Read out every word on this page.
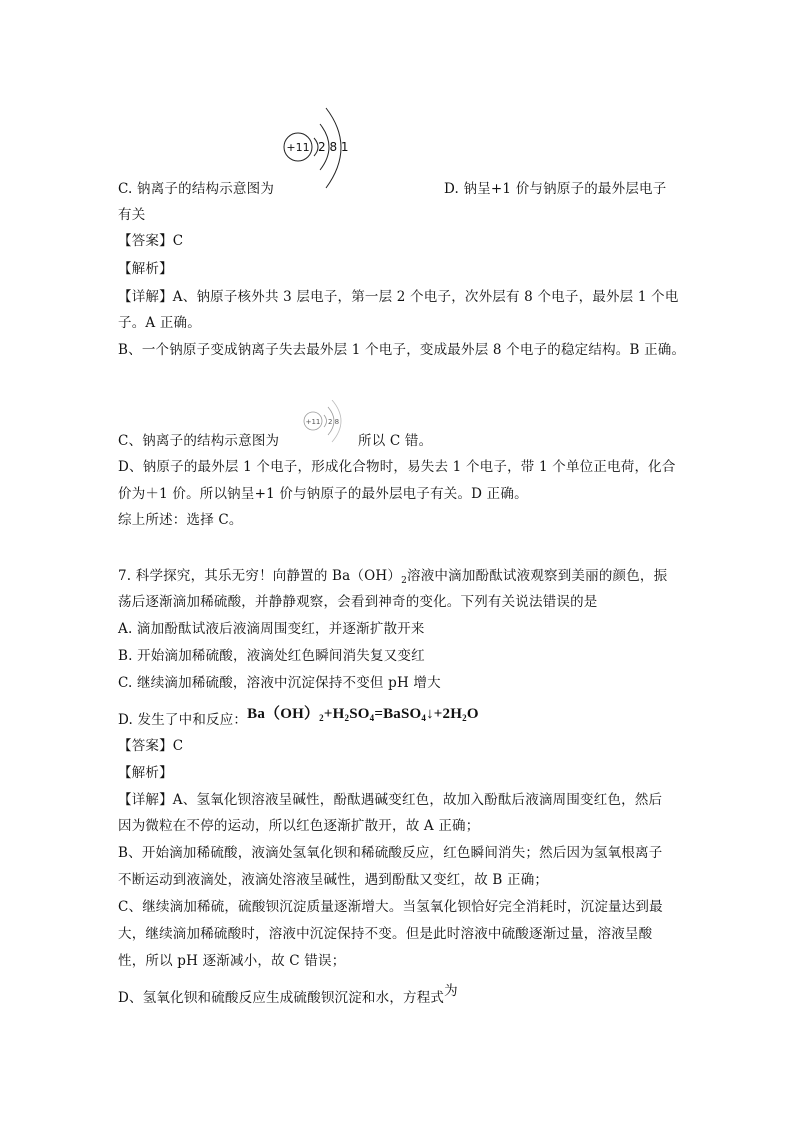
+11 2 8 1
C. 钠离子的结构示意图为	D. 钠呈+1 价与钠原子的最外层电子
有关
【答案】C
【解析】
【详解】A、钠原子核外共 3 层电子，第一层 2 个电子，次外层有 8 个电子，最外层 1 个电
子。A 正确。
B、一个钠原子变成钠离子失去最外层 1 个电子，变成最外层 8 个电子的稳定结构。B 正确。
+11 2 8
C、钠离子的结构示意图为	所以 C 错。
D、钠原子的最外层 1 个电子，形成化合物时，易失去 1 个电子，带 1 个单位正电荷，化合
价为＋1 价。所以钠呈+1 价与钠原子的最外层电子有关。D 正确。
综上所述：选择 C。
7. 科学探究，其乐无穷！向静置的 $Ba(OH)_2$溶液中滴加酚酞试液观察到美丽的颜色，振
荡后逐渐滴加稀硫酸，并静静观察，会看到神奇的变化。下列有关说法错误的是
A. 滴加酚酞试液后液滴周围变红，并逐渐扩散开来
B. 开始滴加稀硫酸，液滴处红色瞬间消失复又变红
C. 继续滴加稀硫酸，溶液中沉淀保持不变但 pH 增大
D. 发生了中和反应：$Ba(OH)_2+H_2SO_4=BaSO_4↓+2H_2O$
【答案】C
【解析】
【详解】A、氢氧化钡溶液呈碱性，酚酞遇碱变红色，故加入酚酞后液滴周围变红色，然后
因为微粒在不停的运动，所以红色逐渐扩散开，故 A 正确；
B、开始滴加稀硫酸，液滴处氢氧化钡和稀硫酸反应，红色瞬间消失；然后因为氢氧根离子
不断运动到液滴处，液滴处溶液呈碱性，遇到酚酞又变红，故 B 正确；
C、继续滴加稀硫，硫酸钡沉淀质量逐渐增大。当氢氧化钡恰好完全消耗时，沉淀量达到最
大，继续滴加稀硫酸时，溶液中沉淀保持不变。但是此时溶液中硫酸逐渐过量，溶液呈酸
性，所以 pH 逐渐减小，故 C 错误；
D、氢氧化钡和硫酸反应生成硫酸钡沉淀和水，方程式为
